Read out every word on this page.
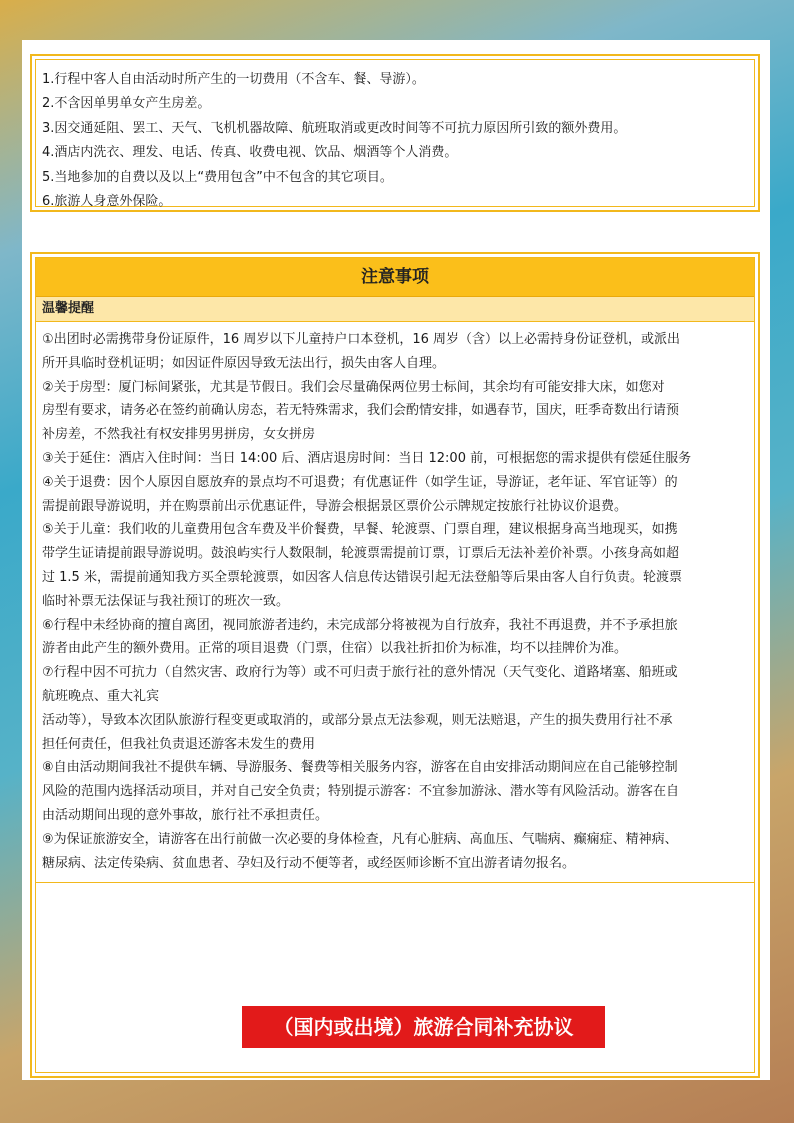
1.行程中客人自由活动时所产生的一切费用（不含车、餐、导游）。
2.不含因单男单女产生房差。
3.因交通延阻、罢工、天气、飞机机器故障、航班取消或更改时间等不可抗力原因所引致的额外费用。
4.酒店内洗衣、理发、电话、传真、收费电视、饮品、烟酒等个人消费。
5.当地参加的自费以及以上“费用包含”中不包含的其它项目。
6.旅游人身意外保险。
注意事项
温馨提醒
①出团时必需携带身份证原件，16 周岁以下儿童持户口本登机，16 周岁（含）以上必需持身份证登机，或派出
所开具临时登机证明；如因证件原因导致无法出行，损失由客人自理。
②关于房型：厦门标间紧张，尤其是节假日。我们会尽量确保两位男士标间，其余均有可能安排大床，如您对
房型有要求，请务必在签约前确认房态，若无特殊需求，我们会酌情安排，如遇春节，国庆，旺季奇数出行请预
补房差，不然我社有权安排男男拼房，女女拼房
③关于延住：酒店入住时间：当日 14:00 后、酒店退房时间：当日 12:00 前，可根据您的需求提供有偿延住服务
④关于退费：因个人原因自愿放弃的景点均不可退费；有优惠证件（如学生证，导游证，老年证、军官证等）的
需提前跟导游说明，并在购票前出示优惠证件，导游会根据景区票价公示牌规定按旅行社协议价退费。
⑤关于儿童：我们收的儿童费用包含车费及半价餐费，早餐、轮渡票、门票自理，建议根据身高当地现买，如携
带学生证请提前跟导游说明。鼓浪屿实行人数限制，轮渡票需提前订票，订票后无法补差价补票。小孩身高如超
过 1.5 米，需提前通知我方买全票轮渡票，如因客人信息传达错误引起无法登船等后果由客人自行负责。轮渡票
临时补票无法保证与我社预订的班次一致。
⑥行程中未经协商的擅自离团，视同旅游者违约，未完成部分将被视为自行放弃，我社不再退费，并不予承担旅
游者由此产生的额外费用。正常的项目退费（门票，住宿）以我社折扣价为标准，均不以挂牌价为准。
⑦行程中因不可抗力（自然灾害、政府行为等）或不可归责于旅行社的意外情况（天气变化、道路堵塞、船班或
航班晚点、重大礼宾
活动等），导致本次团队旅游行程变更或取消的，或部分景点无法参观，则无法赔退，产生的损失费用行社不承
担任何责任，但我社负责退还游客未发生的费用
⑧自由活动期间我社不提供车辆、导游服务、餐费等相关服务内容，游客在自由安排活动期间应在自己能够控制
风险的范围内选择活动项目，并对自己安全负责；特别提示游客：不宜参加游泳、潜水等有风险活动。游客在自
由活动期间出现的意外事故，旅行社不承担责任。
⑨为保证旅游安全，请游客在出行前做一次必要的身体检查，凡有心脏病、高血压、气喘病、癫痫症、精神病、
糖尿病、法定传染病、贫血患者、孕妇及行动不便等者，或经医师诊断不宜出游者请勿报名。
（国内或出境）旅游合同补充协议
